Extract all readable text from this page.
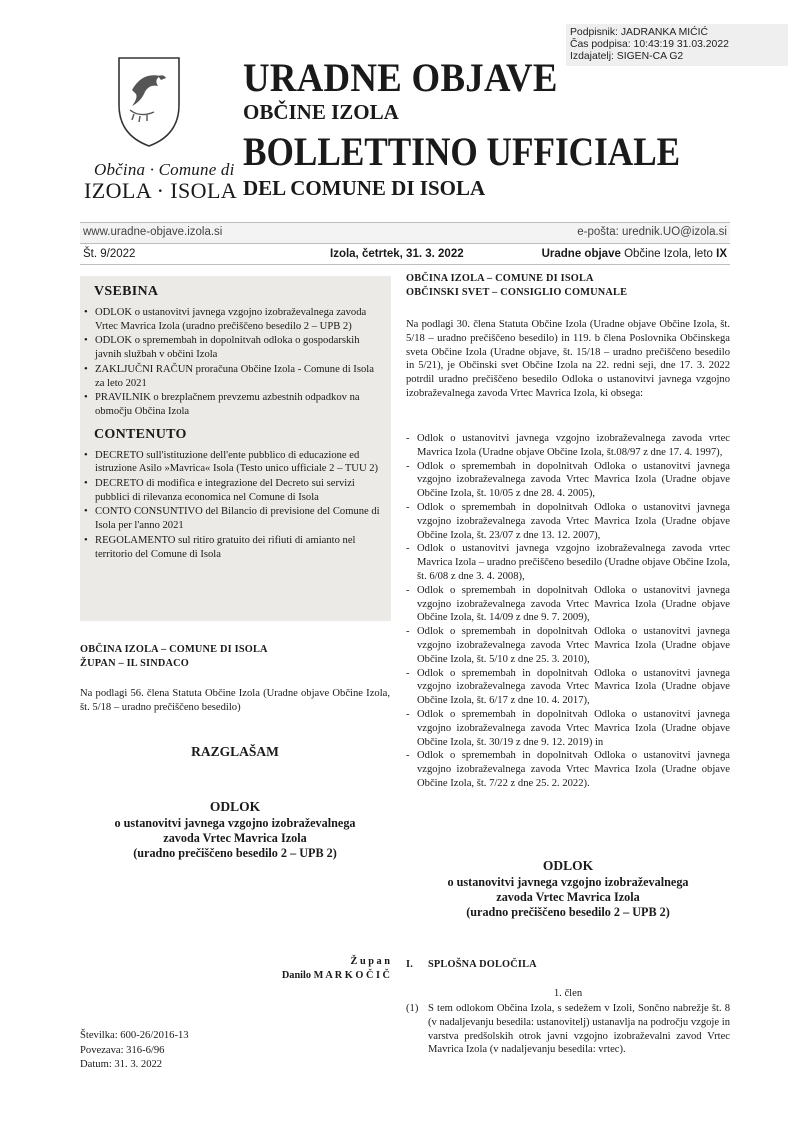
Podpisnik: JADRANKA MIĆIĆ
Čas podpisa: 10:43:19 31.03.2022
Izdajatelj: SIGEN-CA G2
Občina · Comune di
IZOLA · ISOLA
URADNE OBJAVE
OBČINE IZOLA
BOLLETTINO UFFICIALE
DEL COMUNE DI ISOLA
www.uradne-objave.izola.si	e-pošta: urednik.UO@izola.si
Št. 9/2022	Izola, četrtek, 31. 3. 2022	Uradne objave Občine Izola, leto IX
VSEBINA
• ODLOK o ustanovitvi javnega vzgojno izobraževalnega zavoda Vrtec Mavrica Izola (uradno prečiščeno besedilo 2 – UPB 2)
• ODLOK o spremembah in dopolnitvah odloka o gospodarskih javnih službah v občini Izola
• ZAKLJUČNI RAČUN proračuna Občine Izola - Comune di Isola za leto 2021
• PRAVILNIK o brezplačnem prevzemu azbestnih odpadkov na območju Občina Izola
CONTENUTO
• DECRETO sull'istituzione dell'ente pubblico di educazione ed istruzione Asilo »Mavrica« Isola (Testo unico ufficiale 2 – TUU 2)
• DECRETO di modifica e integrazione del Decreto sui servizi pubblici di rilevanza economica nel Comune di Isola
• CONTO CONSUNTIVO del Bilancio di previsione del Comune di Isola per l'anno 2021
• REGOLAMENTO sul ritiro gratuito dei rifiuti di amianto nel territorio del Comune di Isola
OBČINA IZOLA – COMUNE DI ISOLA
ŽUPAN – IL SINDACO
Na podlagi 56. člena Statuta Občine Izola (Uradne objave Občine Izola, št. 5/18 – uradno prečiščeno besedilo)
RAZGLAŠAM
ODLOK
o ustanovitvi javnega vzgojno izobraževalnega
zavoda Vrtec Mavrica Izola
(uradno prečiščeno besedilo 2 – UPB 2)
Ž u p a n
Danilo M A R K O Č I Č
Številka: 600-26/2016-13
Povezava: 316-6/96
Datum: 31. 3. 2022
OBČINA IZOLA – COMUNE DI ISOLA
OBČINSKI SVET – CONSIGLIO COMUNALE
Na podlagi 30. člena Statuta Občine Izola (Uradne objave Občine Izola, št. 5/18 – uradno prečiščeno besedilo) in 119. b člena Poslovnika Občinskega sveta Občine Izola (Uradne objave, št. 15/18 – uradno prečiščeno besedilo in 5/21), je Občinski svet Občine Izola na 22. redni seji, dne 17. 3. 2022 potrdil uradno prečiščeno besedilo Odloka o ustanovitvi javnega vzgojno izobraževalnega zavoda Vrtec Mavrica Izola, ki obsega:
- Odlok o ustanovitvi javnega vzgojno izobraževalnega zavoda vrtec Mavrica Izola (Uradne objave Občine Izola, št.08/97 z dne 17. 4. 1997),
- Odlok o spremembah in dopolnitvah Odloka o ustanovitvi javnega vzgojno izobraževalnega zavoda Vrtec Mavrica Izola (Uradne objave Občine Izola, št. 10/05 z dne 28. 4. 2005),
- Odlok o spremembah in dopolnitvah Odloka o ustanovitvi javnega vzgojno izobraževalnega zavoda Vrtec Mavrica Izola (Uradne objave Občine Izola, št. 23/07 z dne 13. 12. 2007),
- Odlok o ustanovitvi javnega vzgojno izobraževalnega zavoda vrtec Mavrica Izola – uradno prečiščeno besedilo (Uradne objave Občine Izola, št. 6/08 z dne 3. 4. 2008),
- Odlok o spremembah in dopolnitvah Odloka o ustanovitvi javnega vzgojno izobraževalnega zavoda Vrtec Mavrica Izola (Uradne objave Občine Izola, št. 14/09 z dne 9. 7. 2009),
- Odlok o spremembah in dopolnitvah Odloka o ustanovitvi javnega vzgojno izobraževalnega zavoda Vrtec Mavrica Izola (Uradne objave Občine Izola, št. 5/10 z dne 25. 3. 2010),
- Odlok o spremembah in dopolnitvah Odloka o ustanovitvi javnega vzgojno izobraževalnega zavoda Vrtec Mavrica Izola (Uradne objave Občine Izola, št. 6/17 z dne 10. 4. 2017),
- Odlok o spremembah in dopolnitvah Odloka o ustanovitvi javnega vzgojno izobraževalnega zavoda Vrtec Mavrica Izola (Uradne objave Občine Izola, št. 30/19 z dne 9. 12. 2019) in
- Odlok o spremembah in dopolnitvah Odloka o ustanovitvi javnega vzgojno izobraževalnega zavoda Vrtec Mavrica Izola (Uradne objave Občine Izola, št. 7/22 z dne 25. 2. 2022).
ODLOK
o ustanovitvi javnega vzgojno izobraževalnega
zavoda Vrtec Mavrica Izola
(uradno prečiščeno besedilo 2 – UPB 2)
I.	SPLOŠNA DOLOČILA
1. člen
(1) S tem odlokom Občina Izola, s sedežem v Izoli, Sončno nabrežje št. 8 (v nadaljevanju besedila: ustanovitelj) ustanavlja na področju vzgoje in varstva predšolskih otrok javni vzgojno izobraževalni zavod Vrtec Mavrica Izola (v nadaljevanju besedila: vrtec).
